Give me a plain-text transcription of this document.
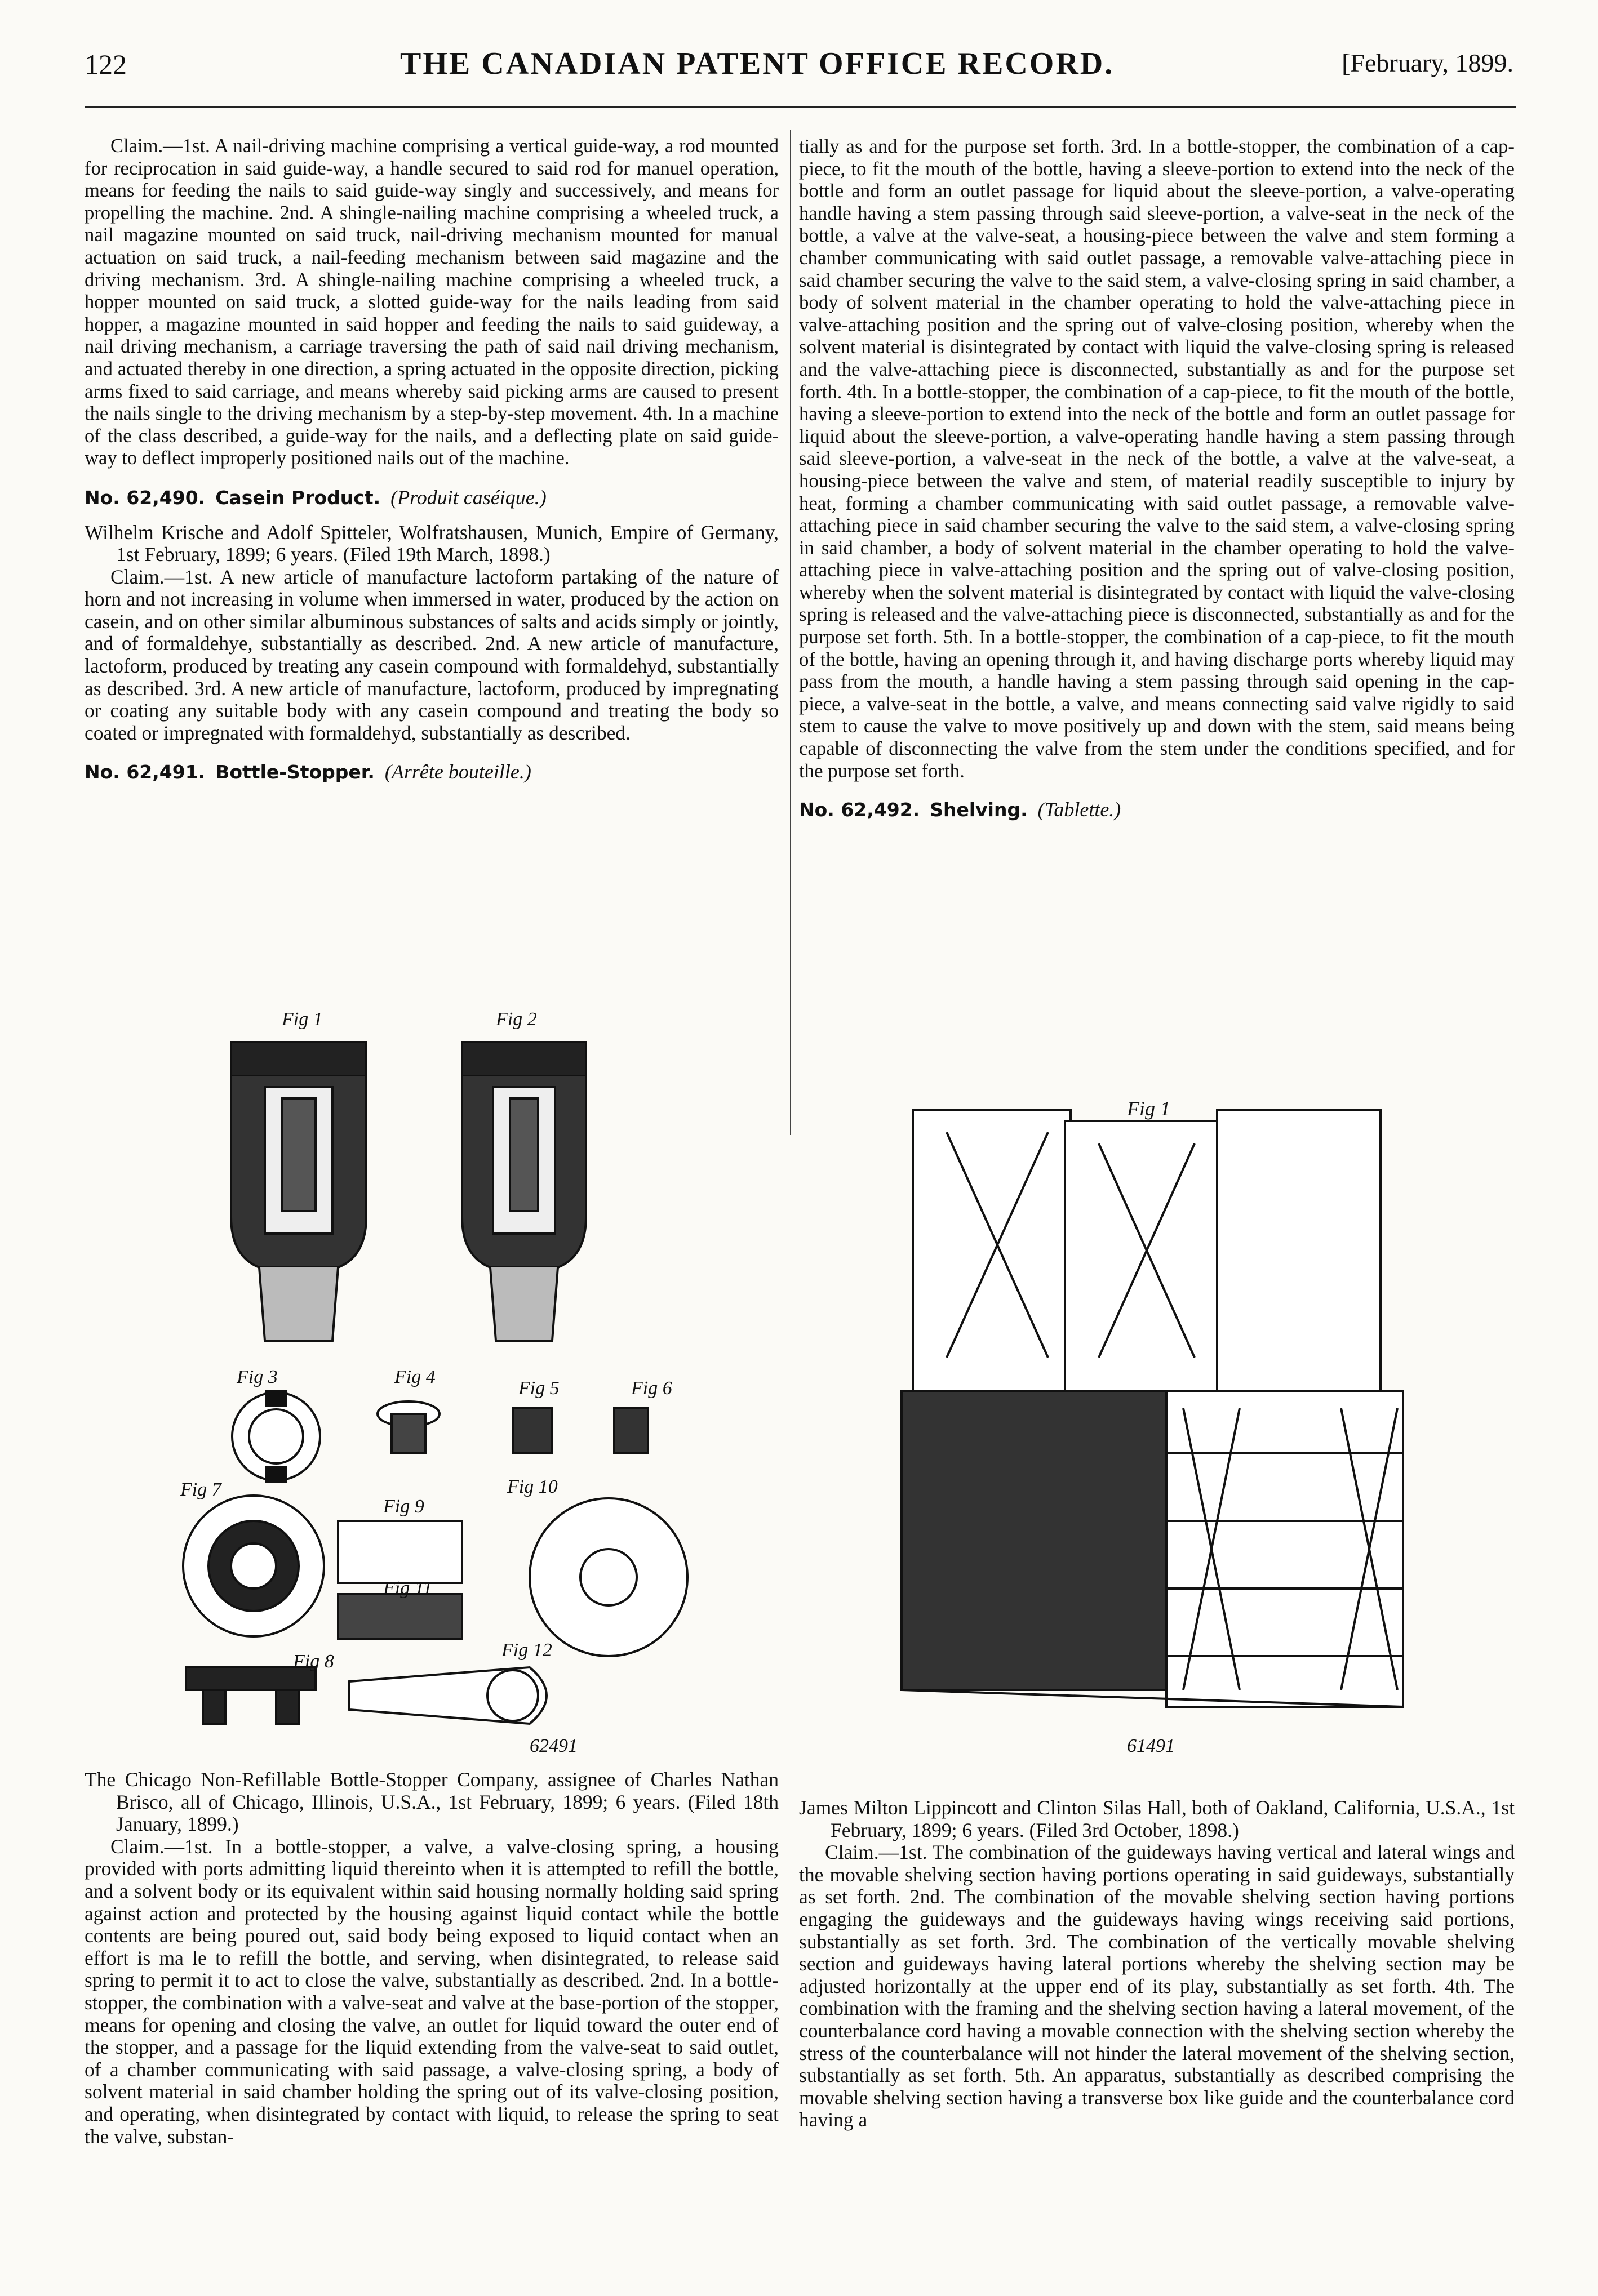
122	THE CANADIAN PATENT OFFICE RECORD.	[February, 1899.

Claim.—1st. A nail-driving machine comprising a vertical guide-way, a rod mounted for reciprocation in said guide-way, a handle secured to said rod for manuel operation, means for feeding the nails to said guide-way singly and successively, and means for propelling the machine. 2nd. A shingle-nailing machine comprising a wheeled truck, a nail magazine mounted on said truck, nail-driving mechanism mounted for manual actuation on said truck, a nail-feeding mechanism between said magazine and the driving mechanism. 3rd. A shingle-nailing machine comprising a wheeled truck, a hopper mounted on said truck, a slotted guide-way for the nails leading from said hopper, a magazine mounted in said hopper and feeding the nails to said guideway, a nail driving mechanism, a carriage traversing the path of said nail driving mechanism, and actuated thereby in one direction, a spring actuated in the opposite direction, picking arms fixed to said carriage, and means whereby said picking arms are caused to present the nails single to the driving mechanism by a step-by-step movement. 4th. In a machine of the class described, a guide-way for the nails, and a deflecting plate on said guide-way to deflect improperly positioned nails out of the machine.

No. 62,490. Casein Product. (Produit caséique.)

Wilhelm Krische and Adolf Spitteler, Wolfratshausen, Munich, Empire of Germany, 1st February, 1899; 6 years. (Filed 19th March, 1898.)

Claim.—1st. A new article of manufacture lactoform partaking of the nature of horn and not increasing in volume when immersed in water, produced by the action on casein, and on other similar albuminous substances of salts and acids simply or jointly, and of formaldehye, substantially as described. 2nd. A new article of manufacture, lactoform, produced by treating any casein compound with formaldehyd, substantially as described. 3rd. A new article of manufacture, lactoform, produced by impregnating or coating any suitable body with any casein compound and treating the body so coated or impregnated with formaldehyd, substantially as described.

No. 62,491. Bottle-Stopper. (Arrête bouteille.)

Fig 1	Fig 2
Fig 3	Fig 4
Fig 5	Fig 6
Fig 7
Fig 8
Fig 9
Fig 10
Fig 11
Fig 12
62491

The Chicago Non-Refillable Bottle-Stopper Company, assignee of Charles Nathan Brisco, all of Chicago, Illinois, U.S.A., 1st February, 1899; 6 years. (Filed 18th January, 1899.)

Claim.—1st. In a bottle-stopper, a valve, a valve-closing spring, a housing provided with ports admitting liquid thereinto when it is attempted to refill the bottle, and a solvent body or its equivalent within said housing normally holding said spring against action and protected by the housing against liquid contact while the bottle contents are being poured out, said body being exposed to liquid contact when an effort is ma le to refill the bottle, and serving, when disintegrated, to release said spring to permit it to act to close the valve, substantially as described. 2nd. In a bottle-stopper, the combination with a valve-seat and valve at the base-portion of the stopper, means for opening and closing the valve, an outlet for liquid toward the outer end of the stopper, and a passage for the liquid extending from the valve-seat to said outlet, of a chamber communicating with said passage, a valve-closing spring, a body of solvent material in said chamber holding the spring out of its valve-closing position, and operating, when disintegrated by contact with liquid, to release the spring to seat the valve, substan-

tially as and for the purpose set forth. 3rd. In a bottle-stopper, the combination of a cap-piece, to fit the mouth of the bottle, having a sleeve-portion to extend into the neck of the bottle and form an outlet passage for liquid about the sleeve-portion, a valve-operating handle having a stem passing through said sleeve-portion, a valve-seat in the neck of the bottle, a valve at the valve-seat, a housing-piece between the valve and stem forming a chamber communicating with said outlet passage, a removable valve-attaching piece in said chamber securing the valve to the said stem, a valve-closing spring in said chamber, a body of solvent material in the chamber operating to hold the valve-attaching piece in valve-attaching position and the spring out of valve-closing position, whereby when the solvent material is disintegrated by contact with liquid the valve-closing spring is released and the valve-attaching piece is disconnected, substantially as and for the purpose set forth. 4th. In a bottle-stopper, the combination of a cap-piece, to fit the mouth of the bottle, having a sleeve-portion to extend into the neck of the bottle and form an outlet passage for liquid about the sleeve-portion, a valve-operating handle having a stem passing through said sleeve-portion, a valve-seat in the neck of the bottle, a valve at the valve-seat, a housing-piece between the valve and stem, of material readily susceptible to injury by heat, forming a chamber communicating with said outlet passage, a removable valve-attaching piece in said chamber securing the valve to the said stem, a valve-closing spring in said chamber, a body of solvent material in the chamber operating to hold the valve-attaching piece in valve-attaching position and the spring out of valve-closing position, whereby when the solvent material is disintegrated by contact with liquid the valve-closing spring is released and the valve-attaching piece is disconnected, substantially as and for the purpose set forth. 5th. In a bottle-stopper, the combination of a cap-piece, to fit the mouth of the bottle, having an opening through it, and having discharge ports whereby liquid may pass from the mouth, a handle having a stem passing through said opening in the cap-piece, a valve-seat in the bottle, a valve, and means connecting said valve rigidly to said stem to cause the valve to move positively up and down with the stem, said means being capable of disconnecting the valve from the stem under the conditions specified, and for the purpose set forth.

No. 62,492. Shelving. (Tablette.)

Fig 1
61491

James Milton Lippincott and Clinton Silas Hall, both of Oakland, California, U.S.A., 1st February, 1899; 6 years. (Filed 3rd October, 1898.)

Claim.—1st. The combination of the guideways having vertical and lateral wings and the movable shelving section having portions operating in said guideways, substantially as set forth. 2nd. The combination of the movable shelving section having portions engaging the guideways and the guideways having wings receiving said portions, substantially as set forth. 3rd. The combination of the vertically movable shelving section and guideways having lateral portions whereby the shelving section may be adjusted horizontally at the upper end of its play, substantially as set forth. 4th. The combination with the framing and the shelving section having a lateral movement, of the counterbalance cord having a movable connection with the shelving section whereby the stress of the counterbalance will not hinder the lateral movement of the shelving section, substantially as set forth. 5th. An apparatus, substantially as described comprising the movable shelving section having a transverse box like guide and the counterbalance cord having a
